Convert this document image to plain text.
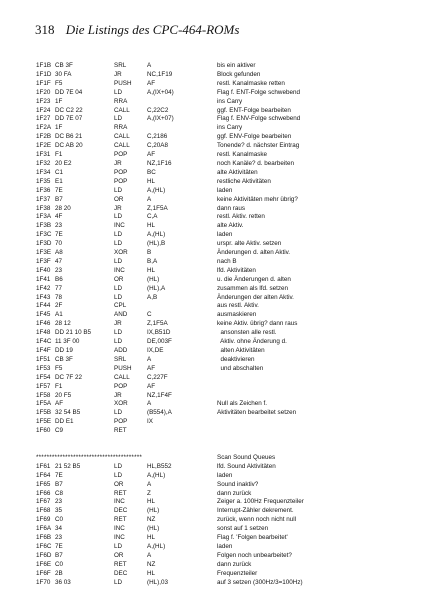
318 Die Listings des CPC-464-ROMs
1F1B CB 3F	SRL	A	bis ein aktiver
1F1D 30 FA	JR	NC,1F19	Block gefunden
1F1F F5	PUSH AF	restl. Kanalmaske retten
1F20 DD 7E 04	LD	A,(IX+04)	Flag f. ENT-Folge schwebend
1F23 1F	RRA	ins Carry
1F24 DC C2 22	CALL	C,22C2	ggf. ENT-Folge bearbeiten
1F27 DD 7E 07	LD	A,(IX+07)	Flag f. ENV-Folge schwebend
1F2A 1F	RRA	ins Carry
1F2B DC B6 21	CALL	C,2186	ggf. ENV-Folge bearbeiten
1F2E DC AB 20	CALL	C,20A8	Tonende? d. nächster Eintrag
1F31 F1	POP	AF	restl. Kanalmaske
1F32 20 E2	JR	NZ,1F16	noch Kanäle? d. bearbeiten
1F34 C1	POP	BC	alte Aktivitäten
1F35 E1	POP	HL	restliche Aktivitäten
1F36 7E	LD	A,(HL)	laden
1F37 B7	OR	A	keine Aktivitäten mehr übrig?
1F38 28 20	JR	Z,1F5A	dann raus
1F3A 4F	LD	C,A	restl. Aktiv. retten
1F3B 23	INC	HL	alte Aktiv.
1F3C 7E	LD	A,(HL)	laden
1F3D 70	LD	(HL),B	urspr. alte Aktiv. setzen
1F3E A8	XOR	B	Änderungen d. alten Aktiv.
1F3F 47	LD	B,A	nach B
1F40 23	INC	HL	lfd. Aktivitäten
1F41 B6	OR	(HL)	u. die Änderungen d. alten
1F42 77	LD	(HL),A	zusammen als lfd. setzen
1F43 78	LD	A,B	Änderungen der alten Aktiv.
1F44 2F	CPL	aus restl. Aktiv.
1F45 A1	AND	C	ausmaskieren
1F46 28 12	JR	Z,1F5A	keine Aktiv. übrig? dann raus
1F48 DD 21 10 B5	LD	IX,B51D	ansonsten alle restl.
1F4C 11 3F 00	LD	DE,003F	Aktiv. ohne Änderung d.
1F4F DD 19	ADD	IX,DE	alten Aktivitäten
1F51 CB 3F	SRL	A	deaktivieren
1F53 F5	PUSH AF	und abschalten
1F54 DC 7F 22	CALL	C,227F
1F57 F1	POP	AF
1F58 20 F5	JR	NZ,1F4F
1F5A AF	XOR	A	Null als Zeichen f.
1F5B 32 54 B5	LD	(B554),A	Aktivitäten bearbeitet setzen
1F5E DD E1	POP	IX
1F60 C9	RET
****************************************	Scan Sound Queues
1F61 21 52 B5	LD	HL,B552	lfd. Sound Aktivitäten
1F64 7E	LD	A,(HL)	laden
1F65 B7	OR	A	Sound inaktiv?
1F66 C8	RET	Z	dann zurück
1F67 23	INC	HL	Zeiger a. 100Hz Frequenzteiler
1F68 35	DEC	(HL)	Interrupt-Zähler dekrement.
1F69 C0	RET	NZ	zurück, wenn noch nicht null
1F6A 34	INC	(HL)	sonst auf 1 setzen
1F6B 23	INC	HL	Flag f. 'Folgen bearbeitet'
1F6C 7E	LD	A,(HL)	laden
1F6D B7	OR	A	Folgen noch unbearbeitet?
1F6E C0	RET	NZ	dann zurück
1F6F 2B	DEC	HL	Frequenzteiler
1F70 36 03	LD	(HL),03	auf 3 setzen (300Hz/3=100Hz)
